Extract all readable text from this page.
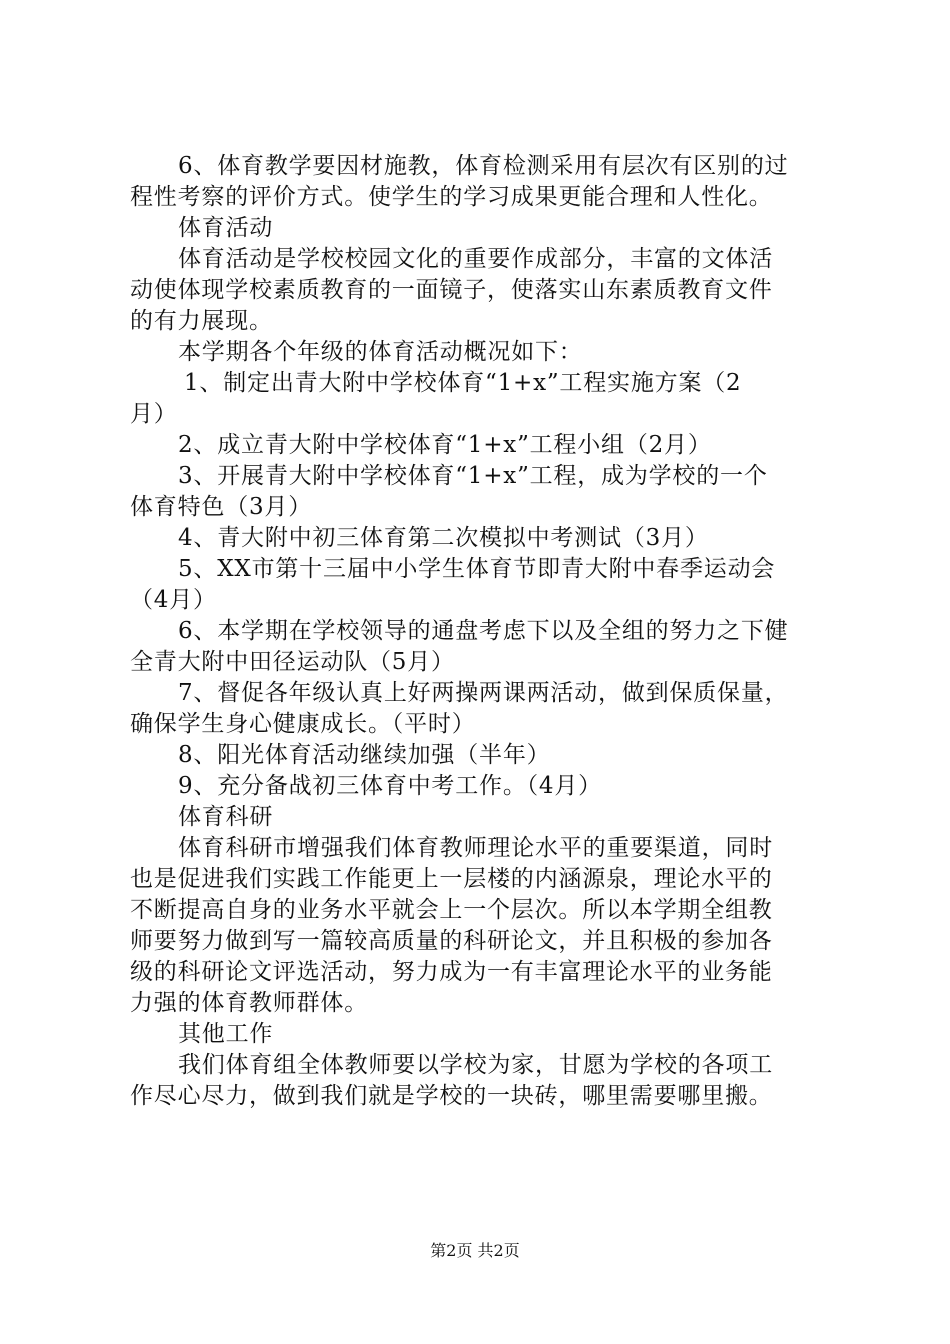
6、体育教学要因材施教，体育检测采用有层次有区别的过
程性考察的评价方式。使学生的学习成果更能合理和人性化。
体育活动
体育活动是学校校园文化的重要作成部分，丰富的文体活
动使体现学校素质教育的一面镜子，使落实山东素质教育文件
的有力展现。
本学期各个年级的体育活动概况如下：
1、制定出青大附中学校体育“1+x”工程实施方案（2
月）
2、成立青大附中学校体育“1+x”工程小组（2月）
3、开展青大附中学校体育“1+x”工程，成为学校的一个
体育特色（3月）
4、青大附中初三体育第二次模拟中考测试（3月）
5、XX市第十三届中小学生体育节即青大附中春季运动会
（4月）
6、本学期在学校领导的通盘考虑下以及全组的努力之下健
全青大附中田径运动队（5月）
7、督促各年级认真上好两操两课两活动，做到保质保量，
确保学生身心健康成长。（平时）
8、阳光体育活动继续加强（半年）
9、充分备战初三体育中考工作。（4月）
体育科研
体育科研市增强我们体育教师理论水平的重要渠道，同时
也是促进我们实践工作能更上一层楼的内涵源泉，理论水平的
不断提高自身的业务水平就会上一个层次。所以本学期全组教
师要努力做到写一篇较高质量的科研论文，并且积极的参加各
级的科研论文评选活动，努力成为一有丰富理论水平的业务能
力强的体育教师群体。
其他工作
我们体育组全体教师要以学校为家，甘愿为学校的各项工
作尽心尽力，做到我们就是学校的一块砖，哪里需要哪里搬。
第2页 共2页
